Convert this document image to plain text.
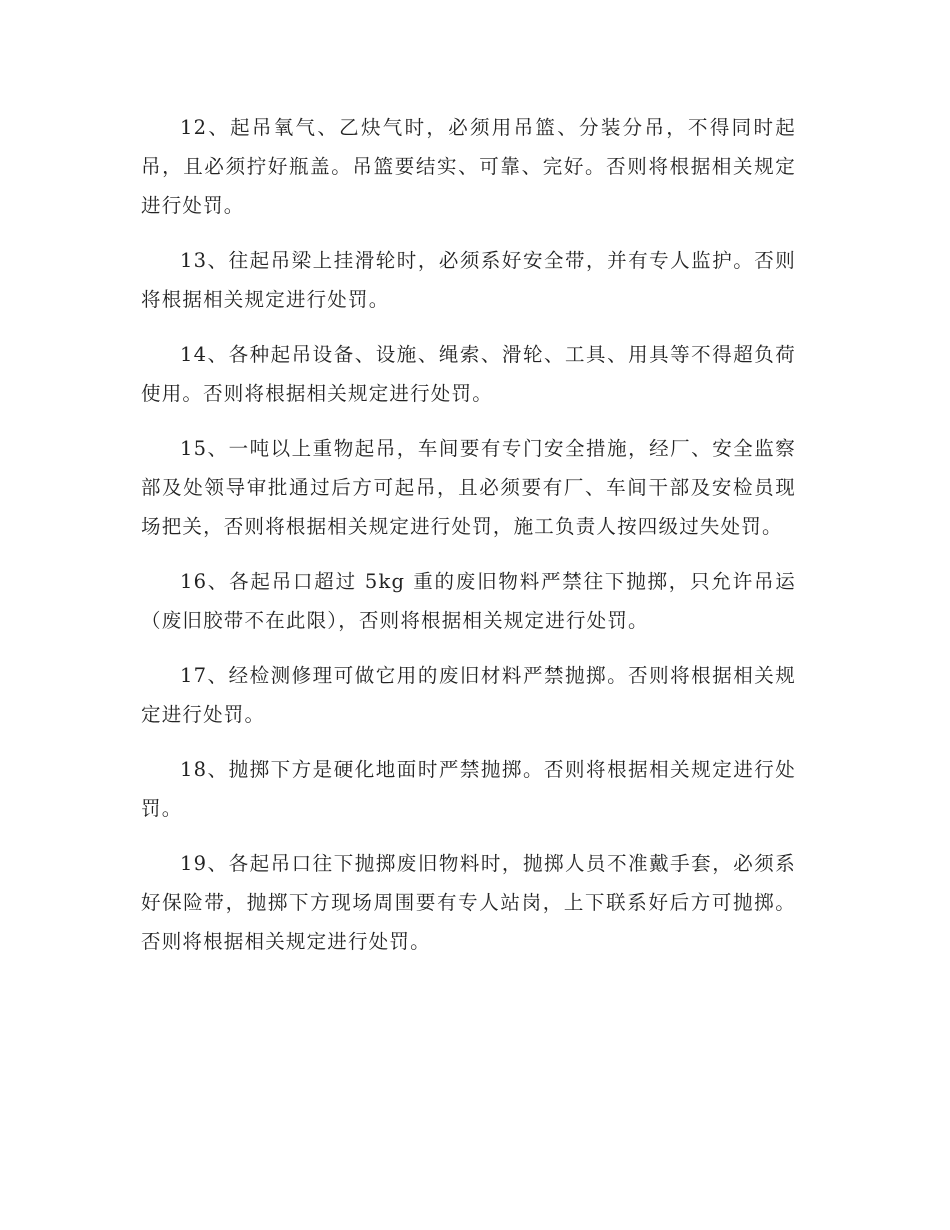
12、起吊氧气、乙炔气时，必须用吊篮、分装分吊，不得同时起吊，且必须拧好瓶盖。吊篮要结实、可靠、完好。否则将根据相关规定进行处罚。

13、往起吊梁上挂滑轮时，必须系好安全带，并有专人监护。否则将根据相关规定进行处罚。

14、各种起吊设备、设施、绳索、滑轮、工具、用具等不得超负荷使用。否则将根据相关规定进行处罚。

15、一吨以上重物起吊，车间要有专门安全措施，经厂、安全监察部及处领导审批通过后方可起吊，且必须要有厂、车间干部及安检员现场把关，否则将根据相关规定进行处罚，施工负责人按四级过失处罚。

16、各起吊口超过 5kg 重的废旧物料严禁往下抛掷，只允许吊运（废旧胶带不在此限），否则将根据相关规定进行处罚。

17、经检测修理可做它用的废旧材料严禁抛掷。否则将根据相关规定进行处罚。

18、抛掷下方是硬化地面时严禁抛掷。否则将根据相关规定进行处罚。

19、各起吊口往下抛掷废旧物料时，抛掷人员不准戴手套，必须系好保险带，抛掷下方现场周围要有专人站岗，上下联系好后方可抛掷。否则将根据相关规定进行处罚。
